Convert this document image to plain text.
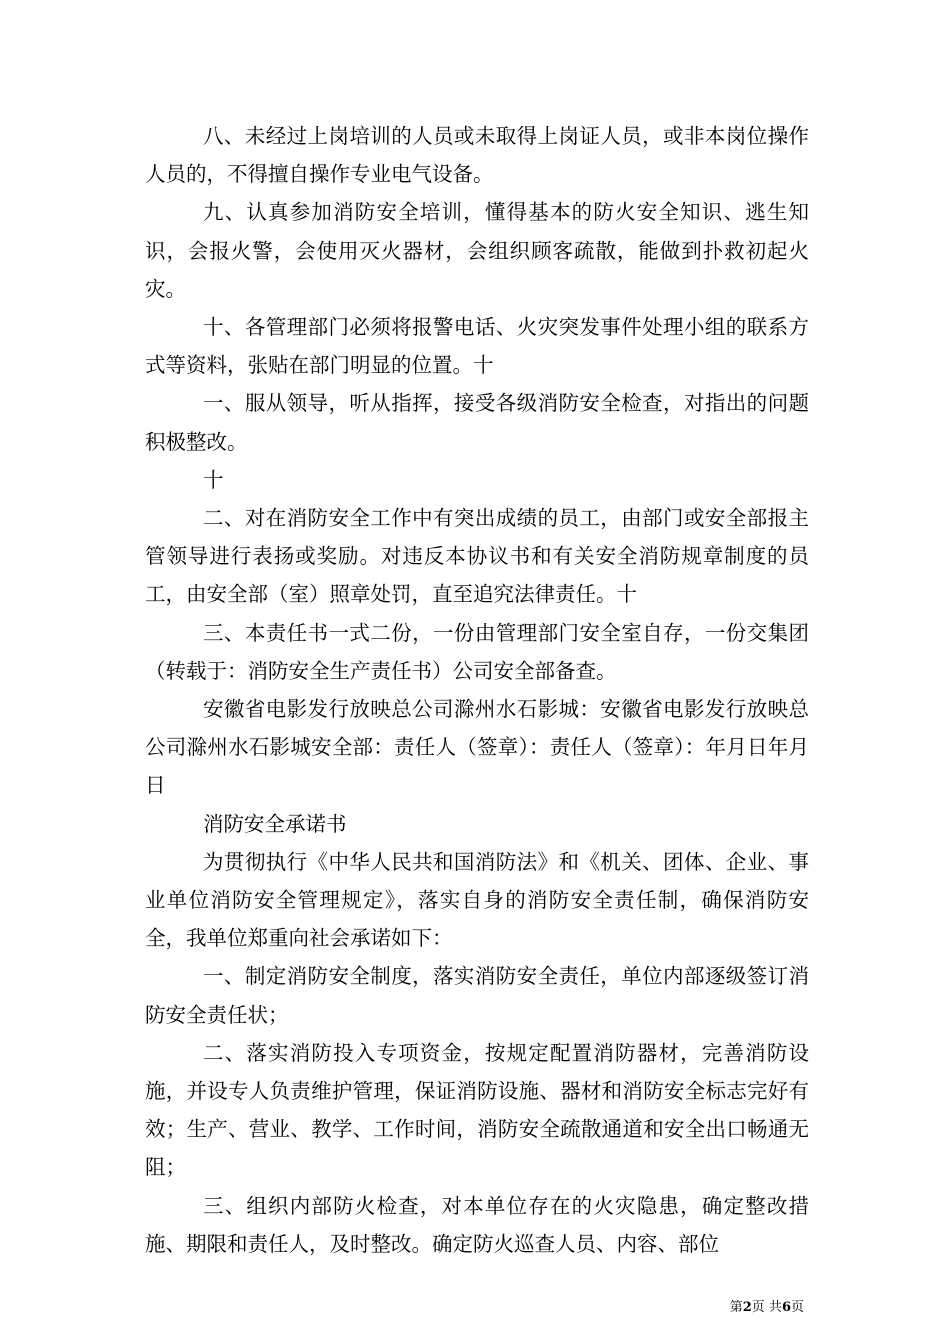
八、未经过上岗培训的人员或未取得上岗证人员，或非本岗位操作人员的，不得擅自操作专业电气设备。

九、认真参加消防安全培训，懂得基本的防火安全知识、逃生知识，会报火警，会使用灭火器材，会组织顾客疏散，能做到扑救初起火灾。

十、各管理部门必须将报警电话、火灾突发事件处理小组的联系方式等资料，张贴在部门明显的位置。十

一、服从领导，听从指挥，接受各级消防安全检查，对指出的问题积极整改。

十

二、对在消防安全工作中有突出成绩的员工，由部门或安全部报主管领导进行表扬或奖励。对违反本协议书和有关安全消防规章制度的员工，由安全部（室）照章处罚，直至追究法律责任。十

三、本责任书一式二份，一份由管理部门安全室自存，一份交集团（转载于：消防安全生产责任书）公司安全部备查。

安徽省电影发行放映总公司滁州水石影城：安徽省电影发行放映总公司滁州水石影城安全部：责任人（签章）：责任人（签章）：年月日年月日

消防安全承诺书

为贯彻执行《中华人民共和国消防法》和《机关、团体、企业、事业单位消防安全管理规定》，落实自身的消防安全责任制，确保消防安全，我单位郑重向社会承诺如下：

一、制定消防安全制度，落实消防安全责任，单位内部逐级签订消防安全责任状；

二、落实消防投入专项资金，按规定配置消防器材，完善消防设施，并设专人负责维护管理，保证消防设施、器材和消防安全标志完好有效；生产、营业、教学、工作时间，消防安全疏散通道和安全出口畅通无阻；

三、组织内部防火检查，对本单位存在的火灾隐患，确定整改措施、期限和责任人，及时整改。确定防火巡查人员、内容、部位

第2页 共6页
